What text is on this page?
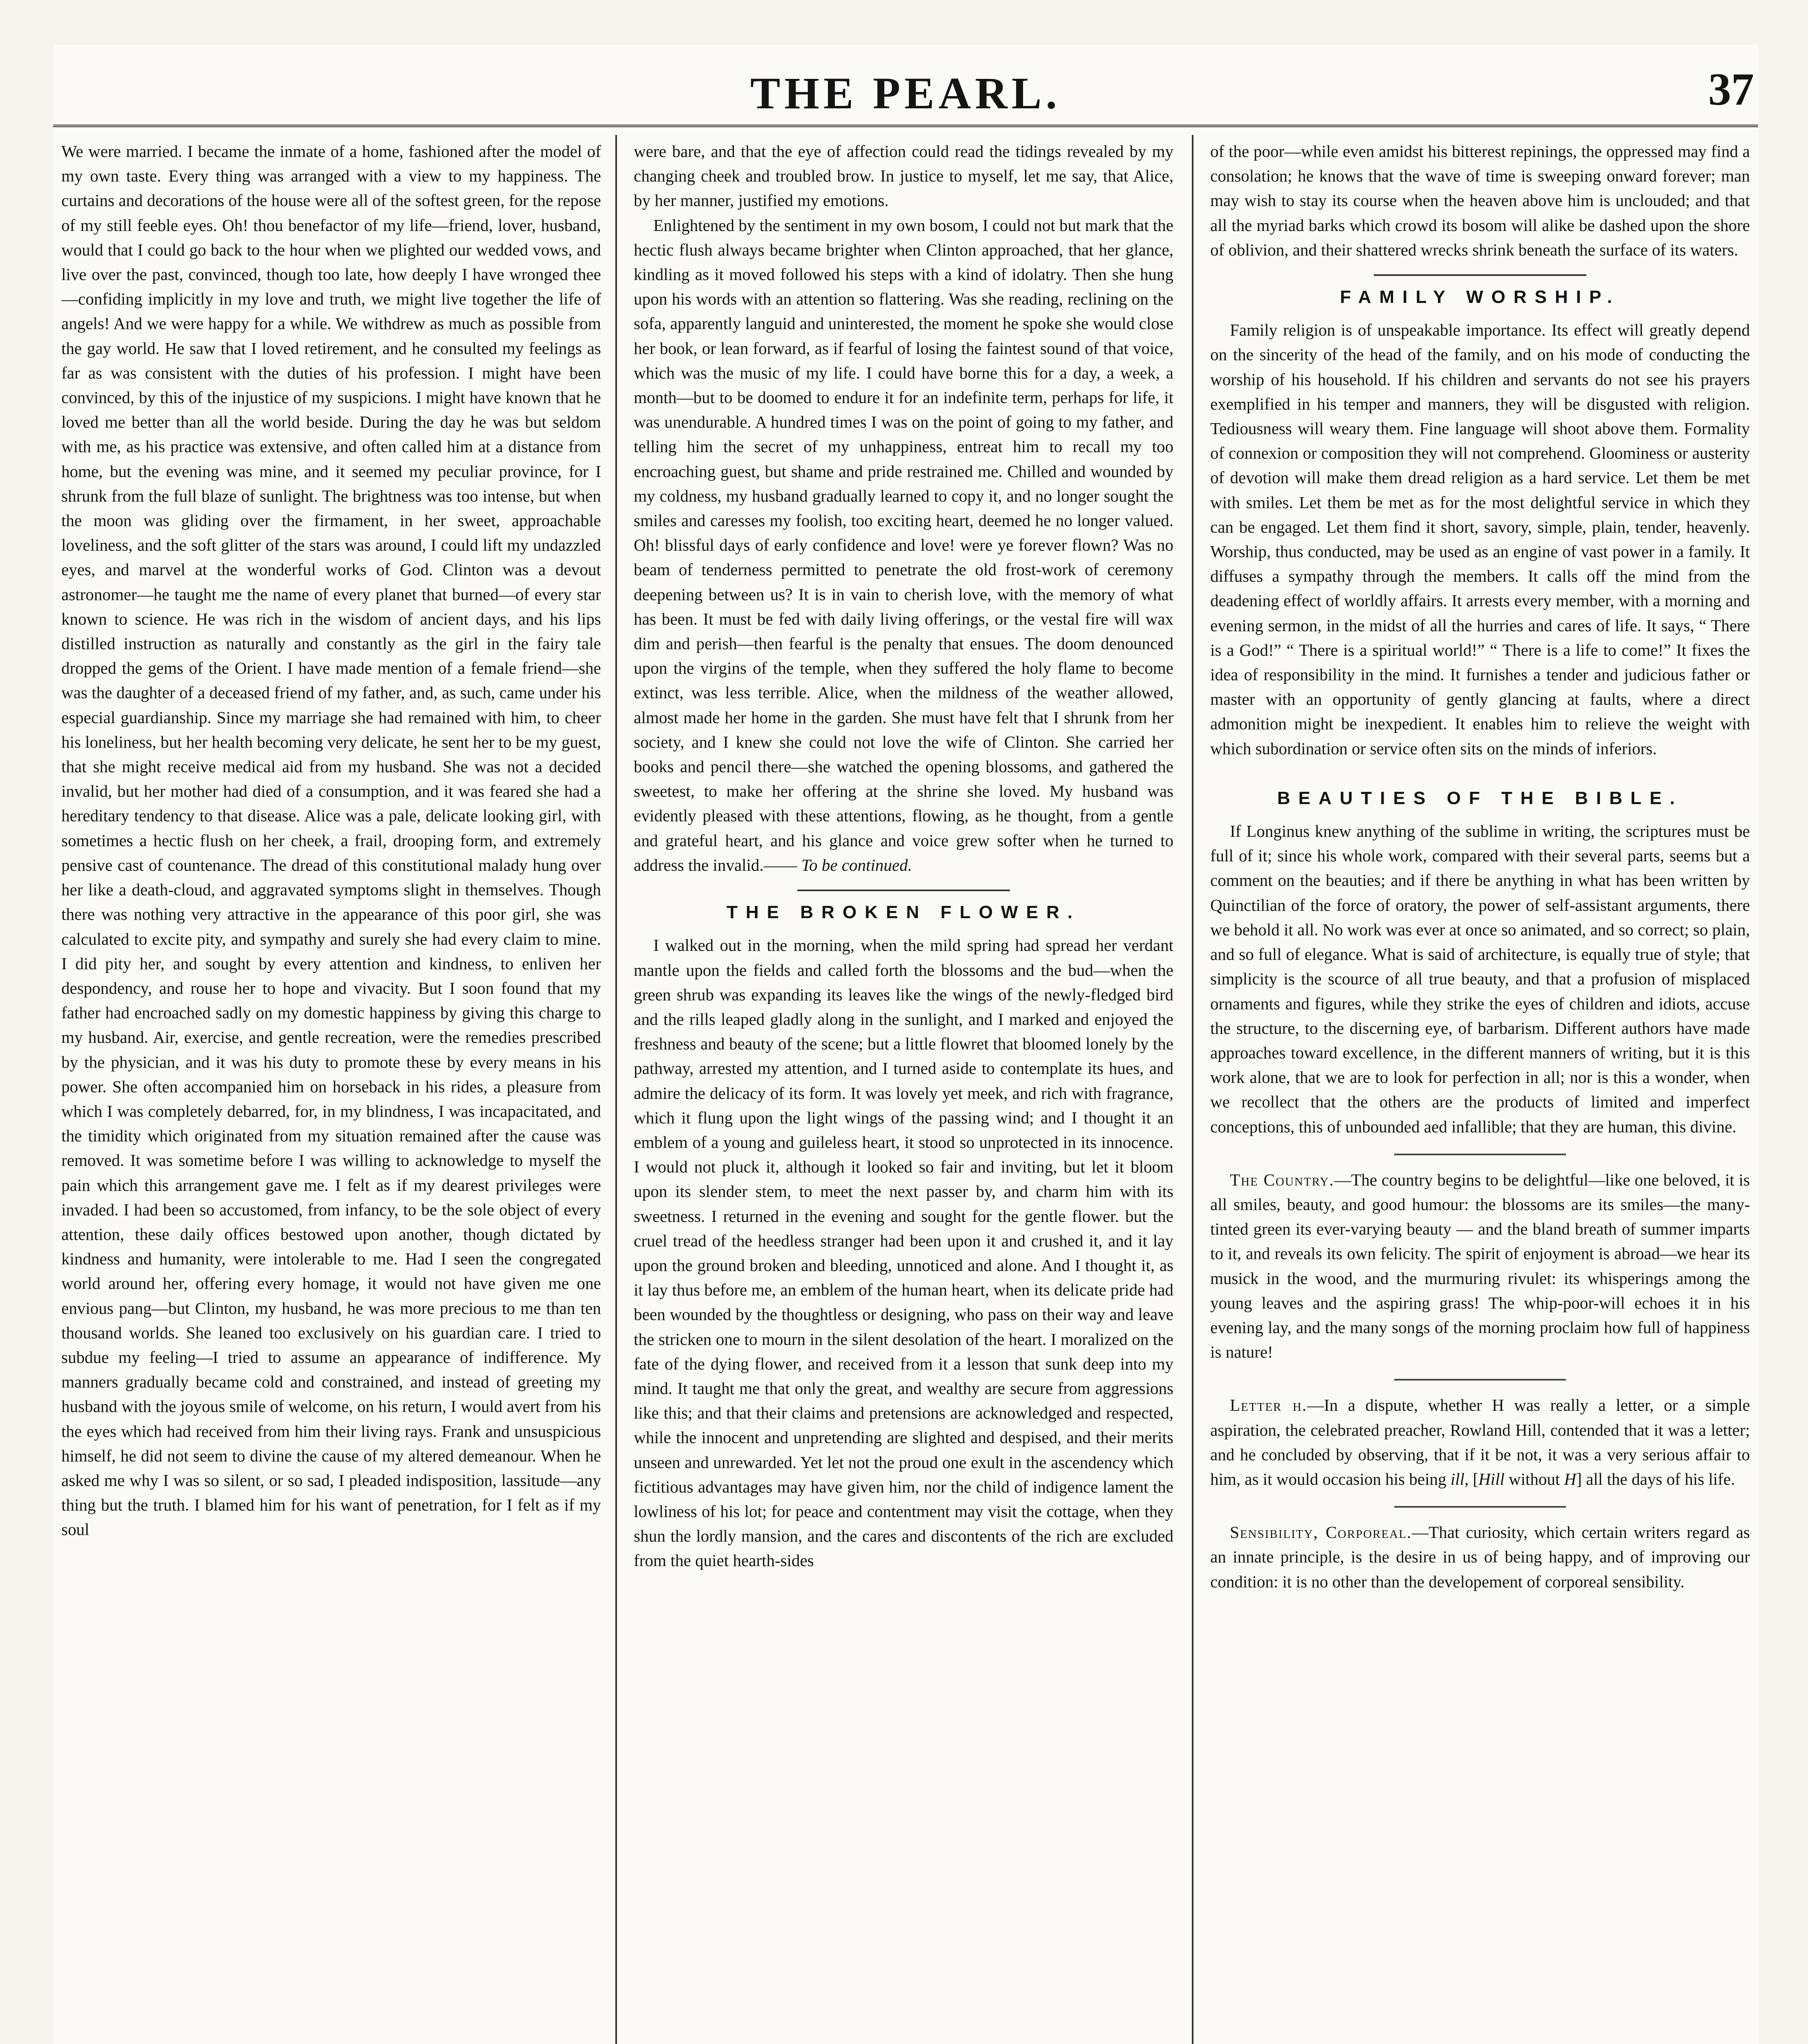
THE PEARL.	37

We were married. I became the inmate of a home, fashioned after the model of my own taste. Every thing was arranged with a view to my happiness. The curtains and decorations of the house were all of the softest green, for the repose of my still feeble eyes. Oh! thou benefactor of my life—friend, lover, husband, would that I could go back to the hour when we plighted our wedded vows, and live over the past, convinced, though too late, how deeply I have wronged thee—confiding implicitly in my love and truth, we might live together the life of angels! And we were happy for a while. We withdrew as much as possible from the gay world. He saw that I loved retirement, and he consulted my feelings as far as was consistent with the duties of his profession. I might have been convinced, by this of the injustice of my suspicions. I might have known that he loved me better than all the world beside. During the day he was but seldom with me, as his practice was extensive, and often called him at a distance from home, but the evening was mine, and it seemed my peculiar province, for I shrunk from the full blaze of sunlight. The brightness was too intense, but when the moon was gliding over the firmament, in her sweet, approachable loveliness, and the soft glitter of the stars was around, I could lift my undazzled eyes, and marvel at the wonderful works of God. Clinton was a devout astronomer—he taught me the name of every planet that burned—of every star known to science. He was rich in the wisdom of ancient days, and his lips distilled instruction as naturally and constantly as the girl in the fairy tale dropped the gems of the Orient. I have made mention of a female friend—she was the daughter of a deceased friend of my father, and, as such, came under his especial guardianship. Since my marriage she had remained with him, to cheer his loneliness, but her health becoming very delicate, he sent her to be my guest, that she might receive medical aid from my husband. She was not a decided invalid, but her mother had died of a consumption, and it was feared she had a hereditary tendency to that disease. Alice was a pale, delicate looking girl, with sometimes a hectic flush on her cheek, a frail, drooping form, and extremely pensive cast of countenance. The dread of this constitutional malady hung over her like a death-cloud, and aggravated symptoms slight in themselves. Though there was nothing very attractive in the appearance of this poor girl, she was calculated to excite pity, and sympathy and surely she had every claim to mine. I did pity her, and sought by every attention and kindness, to enliven her despondency, and rouse her to hope and vivacity. But I soon found that my father had encroached sadly on my domestic happiness by giving this charge to my husband. Air, exercise, and gentle recreation, were the remedies prescribed by the physician, and it was his duty to promote these by every means in his power. She often accompanied him on horseback in his rides, a pleasure from which I was completely debarred, for, in my blindness, I was incapacitated, and the timidity which originated from my situation remained after the cause was removed. It was sometime before I was willing to acknowledge to myself the pain which this arrangement gave me. I felt as if my dearest privileges were invaded. I had been so accustomed, from infancy, to be the sole object of every attention, these daily offices bestowed upon another, though dictated by kindness and humanity, were intolerable to me. Had I seen the congregated world around her, offering every homage, it would not have given me one envious pang—but Clinton, my husband, he was more precious to me than ten thousand worlds. She leaned too exclusively on his guardian care. I tried to subdue my feeling—I tried to assume an appearance of indifference. My manners gradually became cold and constrained, and instead of greeting my husband with the joyous smile of welcome, on his return, I would avert from his the eyes which had received from him their living rays. Frank and unsuspicious himself, he did not seem to divine the cause of my altered demeanour. When he asked me why I was so silent, or so sad, I pleaded indisposition, lassitude—any thing but the truth. I blamed him for his want of penetration, for I felt as if my soul

were bare, and that the eye of affection could read the tidings revealed by my changing cheek and troubled brow. In justice to myself, let me say, that Alice, by her manner, justified my emotions.

Enlightened by the sentiment in my own bosom, I could not but mark that the hectic flush always became brighter when Clinton approached, that her glance, kindling as it moved followed his steps with a kind of idolatry. Then she hung upon his words with an attention so flattering. Was she reading, reclining on the sofa, apparently languid and uninterested, the moment he spoke she would close her book, or lean forward, as if fearful of losing the faintest sound of that voice, which was the music of my life. I could have borne this for a day, a week, a month—but to be doomed to endure it for an indefinite term, perhaps for life, it was unendurable. A hundred times I was on the point of going to my father, and telling him the secret of my unhappiness, entreat him to recall my too encroaching guest, but shame and pride restrained me. Chilled and wounded by my coldness, my husband gradually learned to copy it, and no longer sought the smiles and caresses my foolish, too exciting heart, deemed he no longer valued. Oh! blissful days of early confidence and love! were ye forever flown? Was no beam of tenderness permitted to penetrate the old frost-work of ceremony deepening between us? It is in vain to cherish love, with the memory of what has been. It must be fed with daily living offerings, or the vestal fire will wax dim and perish—then fearful is the penalty that ensues. The doom denounced upon the virgins of the temple, when they suffered the holy flame to become extinct, was less terrible. Alice, when the mildness of the weather allowed, almost made her home in the garden. She must have felt that I shrunk from her society, and I knew she could not love the wife of Clinton. She carried her books and pencil there—she watched the opening blossoms, and gathered the sweetest, to make her offering at the shrine she loved. My husband was evidently pleased with these attentions, flowing, as he thought, from a gentle and grateful heart, and his glance and voice grew softer when he turned to address the invalid.—— To be continued.

THE BROKEN FLOWER.

I walked out in the morning, when the mild spring had spread her verdant mantle upon the fields and called forth the blossoms and the bud—when the green shrub was expanding its leaves like the wings of the newly-fledged bird and the rills leaped gladly along in the sunlight, and I marked and enjoyed the freshness and beauty of the scene; but a little flowret that bloomed lonely by the pathway, arrested my attention, and I turned aside to contemplate its hues, and admire the delicacy of its form. It was lovely yet meek, and rich with fragrance, which it flung upon the light wings of the passing wind; and I thought it an emblem of a young and guileless heart, it stood so unprotected in its innocence. I would not pluck it, although it looked so fair and inviting, but let it bloom upon its slender stem, to meet the next passer by, and charm him with its sweetness. I returned in the evening and sought for the gentle flower. but the cruel tread of the heedless stranger had been upon it and crushed it, and it lay upon the ground broken and bleeding, unnoticed and alone. And I thought it, as it lay thus before me, an emblem of the human heart, when its delicate pride had been wounded by the thoughtless or designing, who pass on their way and leave the stricken one to mourn in the silent desolation of the heart. I moralized on the fate of the dying flower, and received from it a lesson that sunk deep into my mind. It taught me that only the great, and wealthy are secure from aggressions like this; and that their claims and pretensions are acknowledged and respected, while the innocent and unpretending are slighted and despised, and their merits unseen and unrewarded. Yet let not the proud one exult in the ascendency which fictitious advantages may have given him, nor the child of indigence lament the lowliness of his lot; for peace and contentment may visit the cottage, when they shun the lordly mansion, and the cares and discontents of the rich are excluded from the quiet hearth-sides

of the poor—while even amidst his bitterest repinings, the oppressed may find a consolation; he knows that the wave of time is sweeping onward forever; man may wish to stay its course when the heaven above him is unclouded; and that all the myriad barks which crowd its bosom will alike be dashed upon the shore of oblivion, and their shattered wrecks shrink beneath the surface of its waters.

FAMILY WORSHIP.

Family religion is of unspeakable importance. Its effect will greatly depend on the sincerity of the head of the family, and on his mode of conducting the worship of his household. If his children and servants do not see his prayers exemplified in his temper and manners, they will be disgusted with religion. Tediousness will weary them. Fine language will shoot above them. Formality of connexion or composition they will not comprehend. Gloominess or austerity of devotion will make them dread religion as a hard service. Let them be met with smiles. Let them be met as for the most delightful service in which they can be engaged. Let them find it short, savory, simple, plain, tender, heavenly. Worship, thus conducted, may be used as an engine of vast power in a family. It diffuses a sympathy through the members. It calls off the mind from the deadening effect of worldly affairs. It arrests every member, with a morning and evening sermon, in the midst of all the hurries and cares of life. It says, “ There is a God!” “ There is a spiritual world!” “ There is a life to come!” It fixes the idea of responsibility in the mind. It furnishes a tender and judicious father or master with an opportunity of gently glancing at faults, where a direct admonition might be inexpedient. It enables him to relieve the weight with which subordination or service often sits on the minds of inferiors.

BEAUTIES OF THE BIBLE.

If Longinus knew anything of the sublime in writing, the scriptures must be full of it; since his whole work, compared with their several parts, seems but a comment on the beauties; and if there be anything in what has been written by Quinctilian of the force of oratory, the power of self-assistant arguments, there we behold it all. No work was ever at once so animated, and so correct; so plain, and so full of elegance. What is said of architecture, is equally true of style; that simplicity is the scource of all true beauty, and that a profusion of misplaced ornaments and figures, while they strike the eyes of children and idiots, accuse the structure, to the discerning eye, of barbarism. Different authors have made approaches toward excellence, in the different manners of writing, but it is this work alone, that we are to look for perfection in all; nor is this a wonder, when we recollect that the others are the products of limited and imperfect conceptions, this of unbounded aed infallible; that they are human, this divine.

The Country.—The country begins to be delightful—like one beloved, it is all smiles, beauty, and good humour: the blossoms are its smiles—the many-tinted green its ever-varying beauty — and the bland breath of summer imparts to it, and reveals its own felicity. The spirit of enjoyment is abroad—we hear its musick in the wood, and the murmuring rivulet: its whisperings among the young leaves and the aspiring grass! The whip-poor-will echoes it in his evening lay, and the many songs of the morning proclaim how full of happiness is nature!

Letter h.—In a dispute, whether H was really a letter, or a simple aspiration, the celebrated preacher, Rowland Hill, contended that it was a letter; and he concluded by observing, that if it be not, it was a very serious affair to him, as it would occasion his being ill, [Hill without H] all the days of his life.

Sensibility, Corporeal.—That curiosity, which certain writers regard as an innate principle, is the desire in us of being happy, and of improving our condition: it is no other than the developement of corporeal sensibility.
